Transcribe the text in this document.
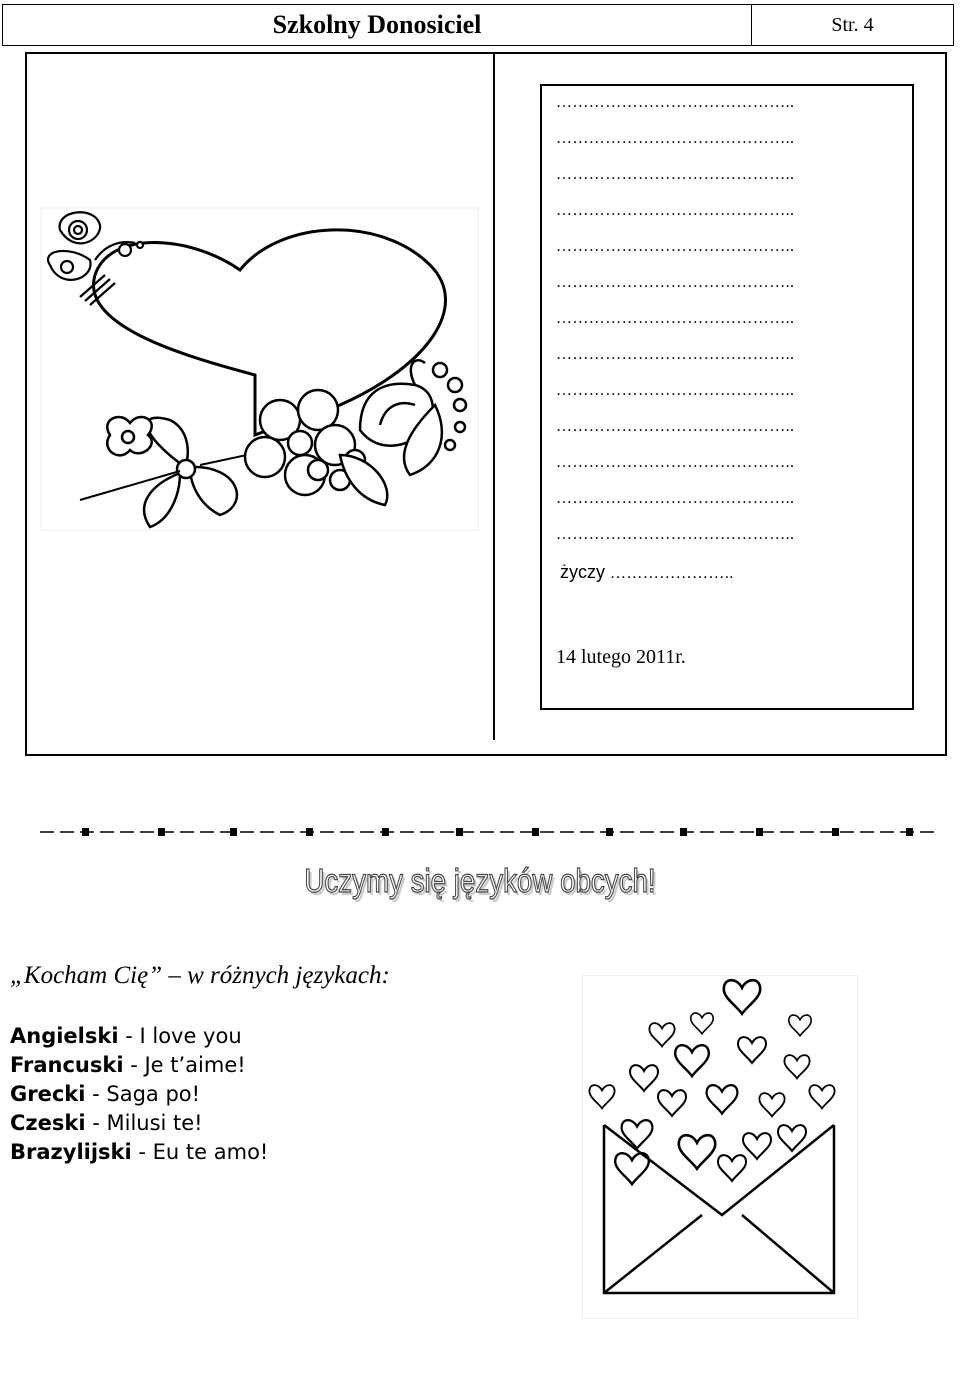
Szkolny Donosiciel	Str. 4
……………………………………..
……………………………………..
……………………………………..
……………………………………..
……………………………………..
……………………………………..
……………………………………..
……………………………………..
……………………………………..
……………………………………..
……………………………………..
……………………………………..
……………………………………..
życzy …………………..
14 lutego 2011r.
Uczymy się języków obcych!
„Kocham Cię” – w różnych językach:
Angielski - I love you
Francuski - Je t’aime!
Grecki - Saga po!
Czeski - Milusi te!
Brazylijski - Eu te amo!
